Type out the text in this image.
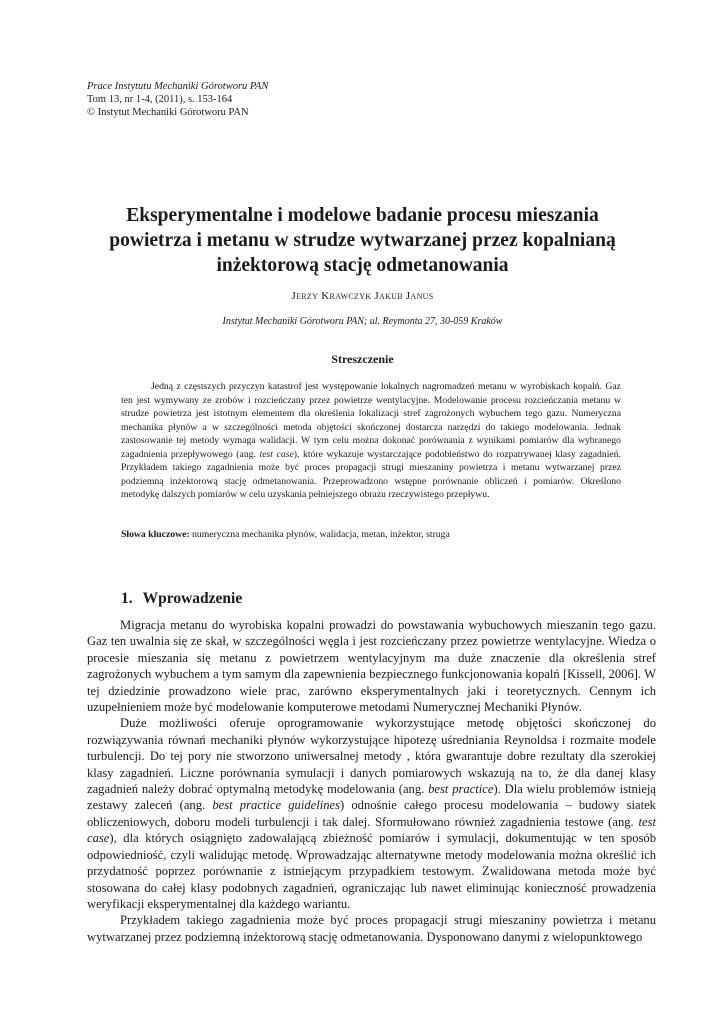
Prace Instytutu Mechaniki Górotworu PAN
Tom 13, nr 1-4, (2011), s. 153-164
© Instytut Mechaniki Górotworu PAN
Eksperymentalne i modelowe badanie procesu mieszania
powietrza i metanu w strudze wytwarzanej przez kopalnianą
inżektorową stację odmetanowania
Jerzy Krawczyk Jakub Janus
Instytut Mechaniki Górotworu PAN; ul. Reymonta 27, 30-059 Kraków
Streszczenie

Jedną z częstszych przyczyn katastrof jest występowanie lokalnych nagromadzeń metanu w wyrobiskach kopalń. Gaz ten jest wymywany ze zrobów i rozcieńczany przez powietrze wentylacyjne. Modelowanie procesu rozcieńczania metanu w strudze powietrza jest istotnym elementem dla określenia lokalizacji stref zagrożonych wybuchem tego gazu. Numeryczna mechanika płynów a w szczególności metoda objętości skończonej dostarcza narzędzi do takiego modelowania. Jednak zastosowanie tej metody wymaga walidacji. W tym celu można dokonać porównania z wynikami pomiarów dla wybranego zagadnienia przepływowego (ang. test case), które wykazuje wystarczające podobieństwo do rozpatrywanej klasy zagadnień. Przykładem takiego zagadnienia może być proces propagacji strugi mieszaniny powietrza i metanu wytwarzanej przez podziemną inżektorową stację odmetanowania. Przeprowadzono wstępne porównanie obliczeń i pomiarów. Określono metodykę dalszych pomiarów w celu uzyskania pełniejszego obrazu rzeczywistego przepływu.

Słowa kluczowe: numeryczna mechanika płynów, walidacja, metan, inżektor, struga

1. Wprowadzenie

Migracja metanu do wyrobiska kopalni prowadzi do powstawania wybuchowych mieszanin tego gazu. Gaz ten uwalnia się ze skał, w szczególności węgla i jest rozcieńczany przez powietrze wentylacyjne. Wiedza o procesie mieszania się metanu z powietrzem wentylacyjnym ma duże znaczenie dla określenia stref zagrożonych wybuchem a tym samym dla zapewnienia bezpiecznego funkcjonowania kopalń [Kissell, 2006]. W tej dziedzinie prowadzono wiele prac, zarówno eksperymentalnych jaki i teoretycznych. Cennym ich uzupełnieniem może być modelowanie komputerowe metodami Numerycznej Mechaniki Płynów.

Duże możliwości oferuje oprogramowanie wykorzystujące metodę objętości skończonej do rozwiązywania równań mechaniki płynów wykorzystujące hipotezę uśredniania Reynoldsa i rozmaite modele turbulencji. Do tej pory nie stworzono uniwersalnej metody , która gwarantuje dobre rezultaty dla szerokiej klasy zagadnień. Liczne porównania symulacji i danych pomiarowych wskazują na to, że dla danej klasy zagadnień należy dobrać optymalną metodykę modelowania (ang. best practice). Dla wielu problemów istnieją zestawy zaleceń (ang. best practice guidelines) odnośnie całego procesu modelowania – budowy siatek obliczeniowych, doboru modeli turbulencji i tak dalej. Sformułowano również zagadnienia testowe (ang. test case), dla których osiągnięto zadowalającą zbieżność pomiarów i symulacji, dokumentując w ten sposób odpowiedniość, czyli walidując metodę. Wprowadzając alternatywne metody modelowania można określić ich przydatność poprzez porównanie z istniejącym przypadkiem testowym. Zwalidowana metoda może być stosowana do całej klasy podobnych zagadnień, ograniczając lub nawet eliminując konieczność prowadzenia weryfikacji eksperymentalnej dla każdego wariantu.

Przykładem takiego zagadnienia może być proces propagacji strugi mieszaniny powietrza i metanu wytwarzanej przez podziemną inżektorową stację odmetanowania. Dysponowano danymi z wielopunktowego
